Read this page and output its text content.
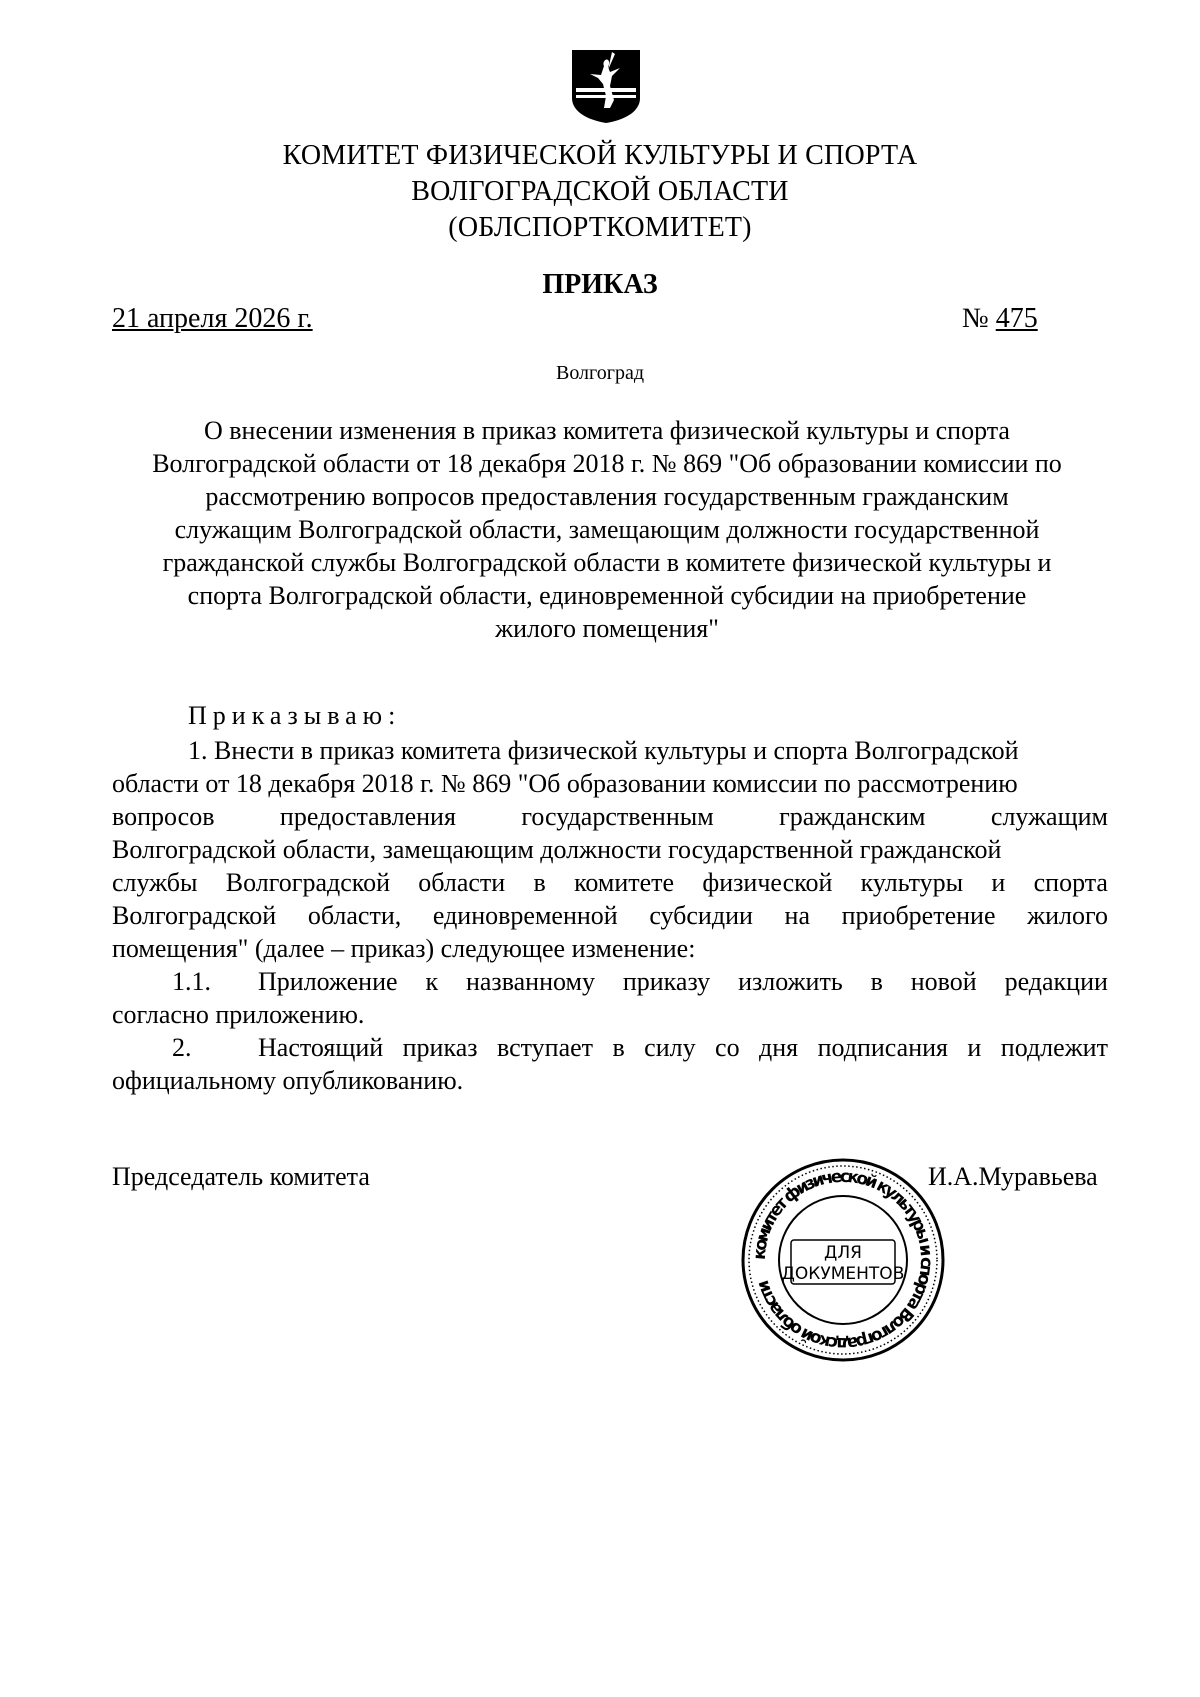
КОМИТЕТ ФИЗИЧЕСКОЙ КУЛЬТУРЫ И СПОРТА
ВОЛГОГРАДСКОЙ ОБЛАСТИ
(ОБЛСПОРТКОМИТЕТ)
ПРИКАЗ
21 апреля 2026 г.	№ 475
Волгоград
О внесении изменения в приказ комитета физической культуры и спорта
Волгоградской области от 18 декабря 2018 г. № 869 "Об образовании комиссии по
рассмотрению вопросов предоставления государственным гражданским
служащим Волгоградской области, замещающим должности государственной
гражданской службы Волгоградской области в комитете физической культуры и
спорта Волгоградской области, единовременной субсидии на приобретение
жилого помещения"
Приказываю:
1. Внести в приказ комитета физической культуры и спорта Волгоградской
области от 18 декабря 2018 г. № 869 "Об образовании комиссии по рассмотрению
вопросов	предоставления	государственным	гражданским	служащим
Волгоградской области, замещающим должности государственной гражданской
службы Волгоградской области в комитете физической культуры и спорта
Волгоградской области, единовременной субсидии на приобретение жилого
помещения" (далее – приказ) следующее изменение:
1.1.	Приложение к названному приказу изложить в новой редакции
согласно приложению.
2.	Настоящий приказ вступает в силу со дня подписания и подлежит
официальному опубликованию.
Председатель комитета	И.А.Муравьева
комитет физической культуры и спорта Волгоградской области
ДЛЯ
ДОКУМЕНТОВ
